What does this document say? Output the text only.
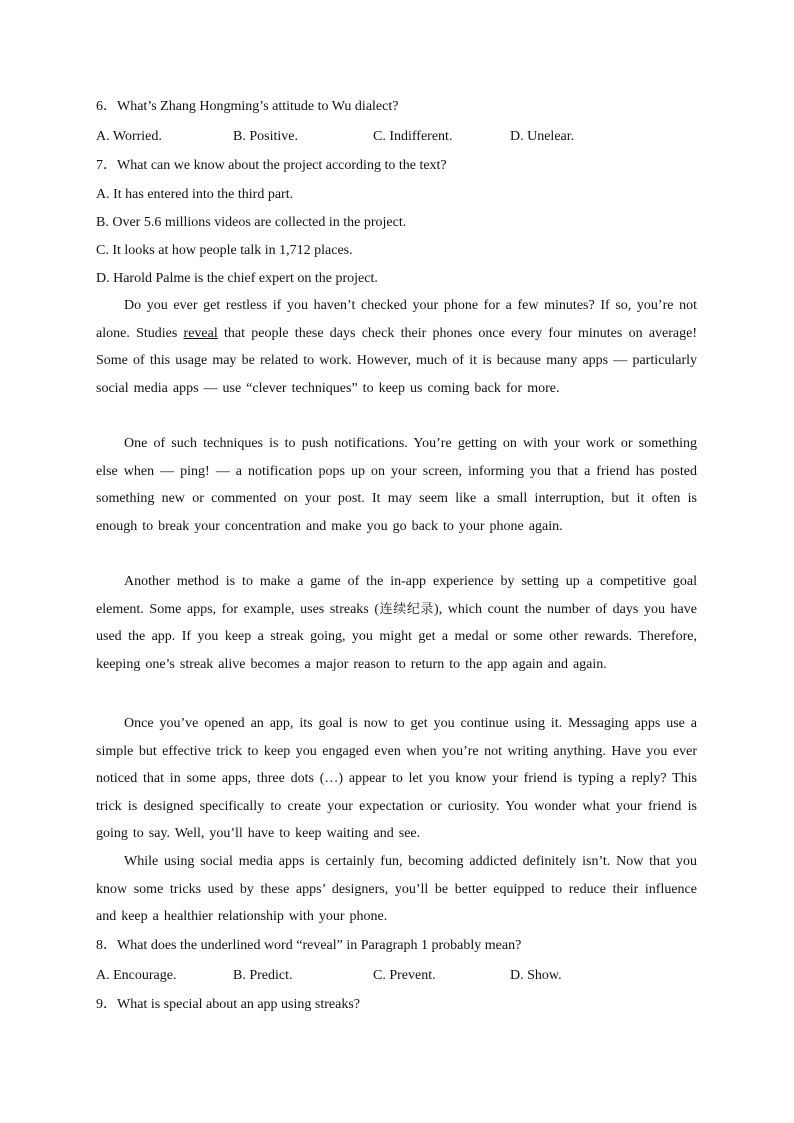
6．What’s Zhang Hongming’s attitude to Wu dialect?
A. Worried.	B. Positive.	C. Indifferent.	D. Unelear.
7．What can we know about the project according to the text?
A. It has entered into the third part.
B. Over 5.6 millions videos are collected in the project.
C. It looks at how people talk in 1,712 places.
D. Harold Palme is the chief expert on the project.

Do you ever get restless if you haven’t checked your phone for a few minutes? If so, you’re not alone. Studies reveal that people these days check their phones once every four minutes on average! Some of this usage may be related to work. However, much of it is because many apps — particularly social media apps — use “clever techniques” to keep us coming back for more.

One of such techniques is to push notifications. You’re getting on with your work or something else when — ping! — a notification pops up on your screen, informing you that a friend has posted something new or commented on your post. It may seem like a small interruption, but it often is enough to break your concentration and make you go back to your phone again.

Another method is to make a game of the in-app experience by setting up a competitive goal element. Some apps, for example, uses streaks (连续纪录), which count the number of days you have used the app. If you keep a streak going, you might get a medal or some other rewards. Therefore, keeping one’s streak alive becomes a major reason to return to the app again and again.

Once you’ve opened an app, its goal is now to get you continue using it. Messaging apps use a simple but effective trick to keep you engaged even when you’re not writing anything. Have you ever noticed that in some apps, three dots (…) appear to let you know your friend is typing a reply? This trick is designed specifically to create your expectation or curiosity. You wonder what your friend is going to say. Well, you’ll have to keep waiting and see.

While using social media apps is certainly fun, becoming addicted definitely isn’t. Now that you know some tricks used by these apps’ designers, you’ll be better equipped to reduce their influence and keep a healthier relationship with your phone.

8．What does the underlined word “reveal” in Paragraph 1 probably mean?
A. Encourage.	B. Predict.	C. Prevent.	D. Show.
9．What is special about an app using streaks?
